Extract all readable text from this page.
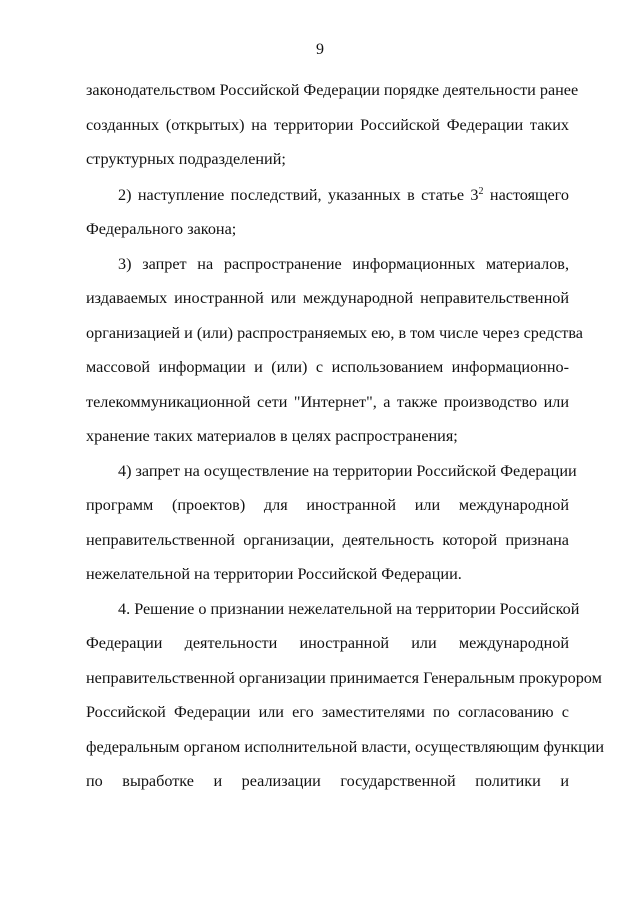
9
законодательством Российской Федерации порядке деятельности ранее
созданных (открытых) на территории Российской Федерации таких
структурных подразделений;
2) наступление последствий, указанных в статье $3^2$ настоящего
Федерального закона;
3) запрет на распространение информационных материалов,
издаваемых иностранной или международной неправительственной
организацией и (или) распространяемых ею, в том числе через средства
массовой информации и (или) с использованием информационно-
телекоммуникационной сети "Интернет", а также производство или
хранение таких материалов в целях распространения;
4) запрет на осуществление на территории Российской Федерации
программ (проектов) для иностранной или международной
неправительственной организации, деятельность которой признана
нежелательной на территории Российской Федерации.
4. Решение о признании нежелательной на территории Российской
Федерации деятельности иностранной или международной
неправительственной организации принимается Генеральным прокурором
Российской Федерации или его заместителями по согласованию с
федеральным органом исполнительной власти, осуществляющим функции
по выработке и реализации государственной политики и
